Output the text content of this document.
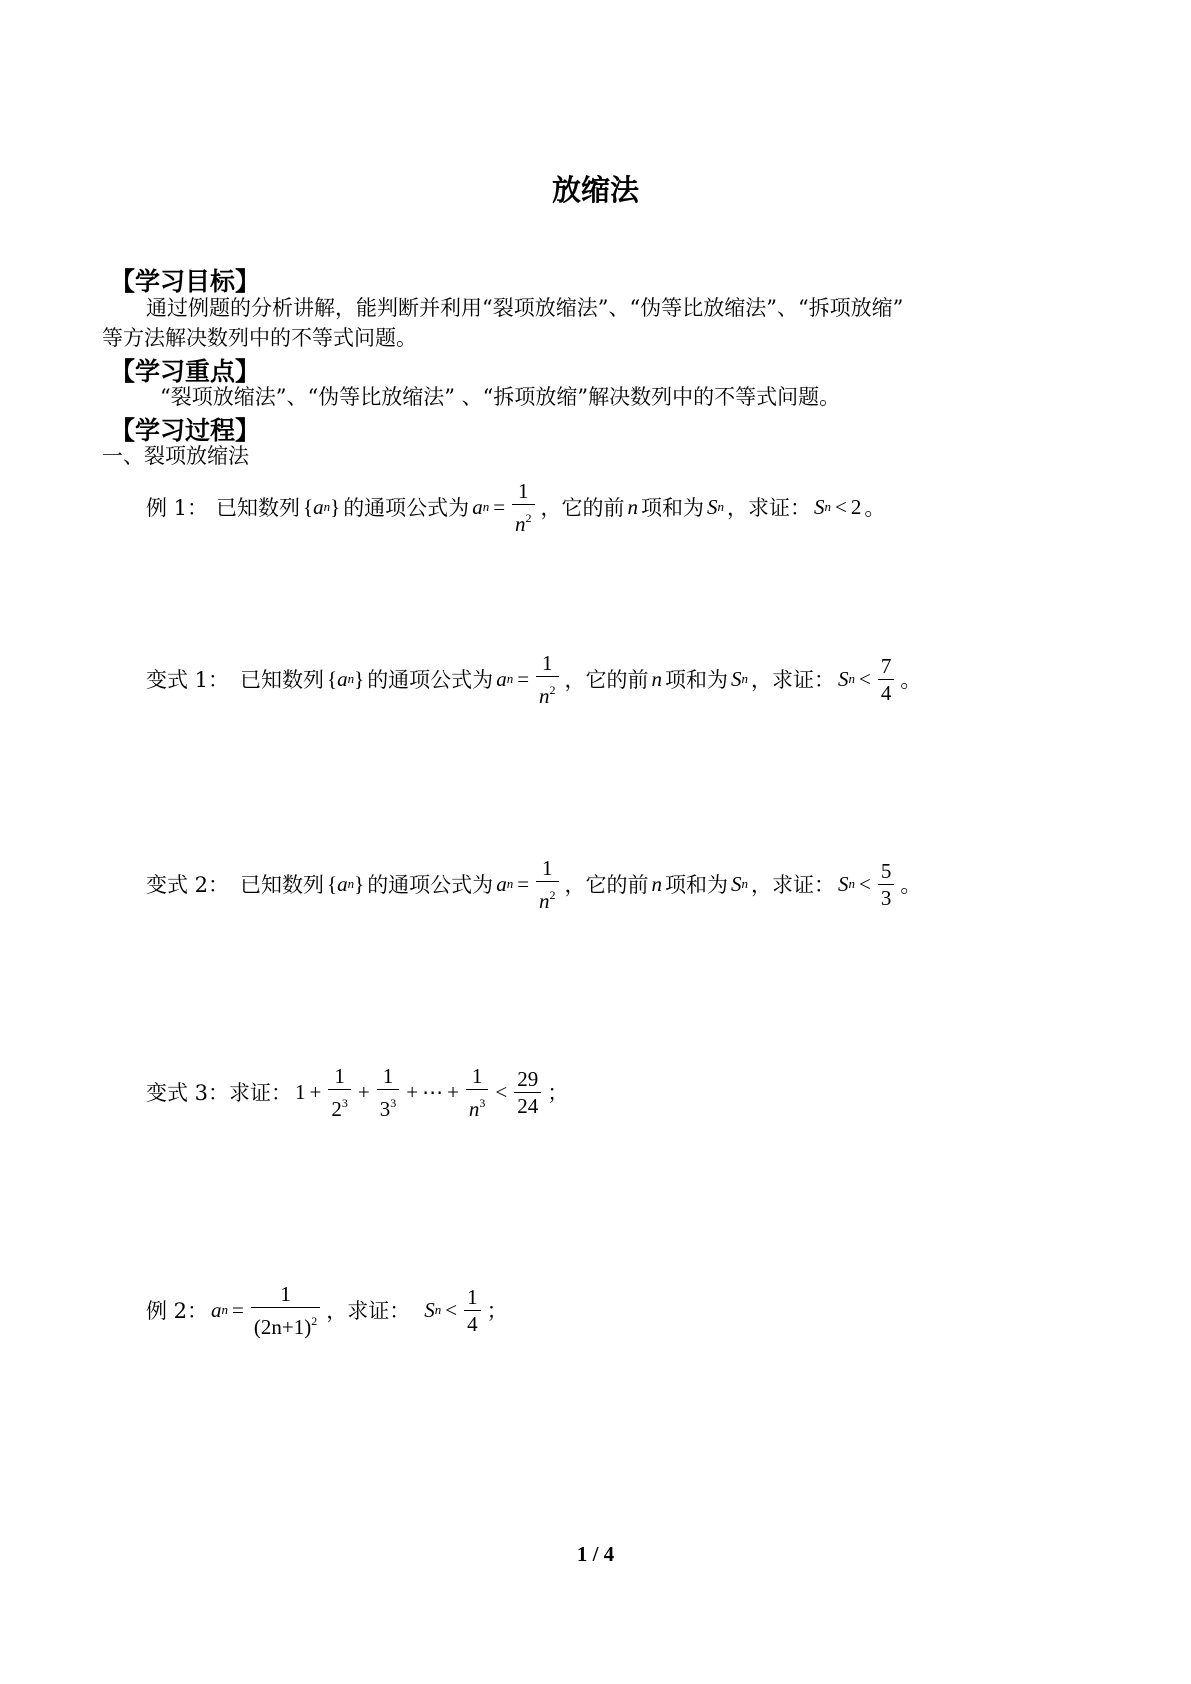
放缩法
【学习目标】
通过例题的分析讲解，能判断并利用“裂项放缩法”、“伪等比放缩法”、“拆项放缩”
等方法解决数列中的不等式问题。
【学习重点】
“裂项放缩法”、“伪等比放缩法” 、“拆项放缩”解决数列中的不等式问题。
【学习过程】
一、裂项放缩法
例 1： 已知数列 { a n } 的通项公式为 a $n = \frac{1}{n^2}$ ，它的前 n 项和为 S n ，求证： S n < 2 。
变式 1： 已知数列 { a n } 的通项公式为 a $n = \frac{1}{n^2}$ ，它的前 n 项和为 S n ，求证： S $n < \frac{7}{4}$ 。
变式 2： 已知数列 { a n } 的通项公式为 a $n = \frac{1}{n^2}$ ，它的前 n 项和为 S n ，求证： S $n < \frac{5}{3}$ 。
变式 3：求证： $1 + \frac{1}{2^3} + \frac{1}{3^3}$ + ⋯ + $\frac{1}{n^3} < \frac{29}{24}$ ；
例 2： a $n = \frac{1}{(2n+1)^2}$ ，求证： S $n < \frac{1}{4}$ ；
1 / 4
